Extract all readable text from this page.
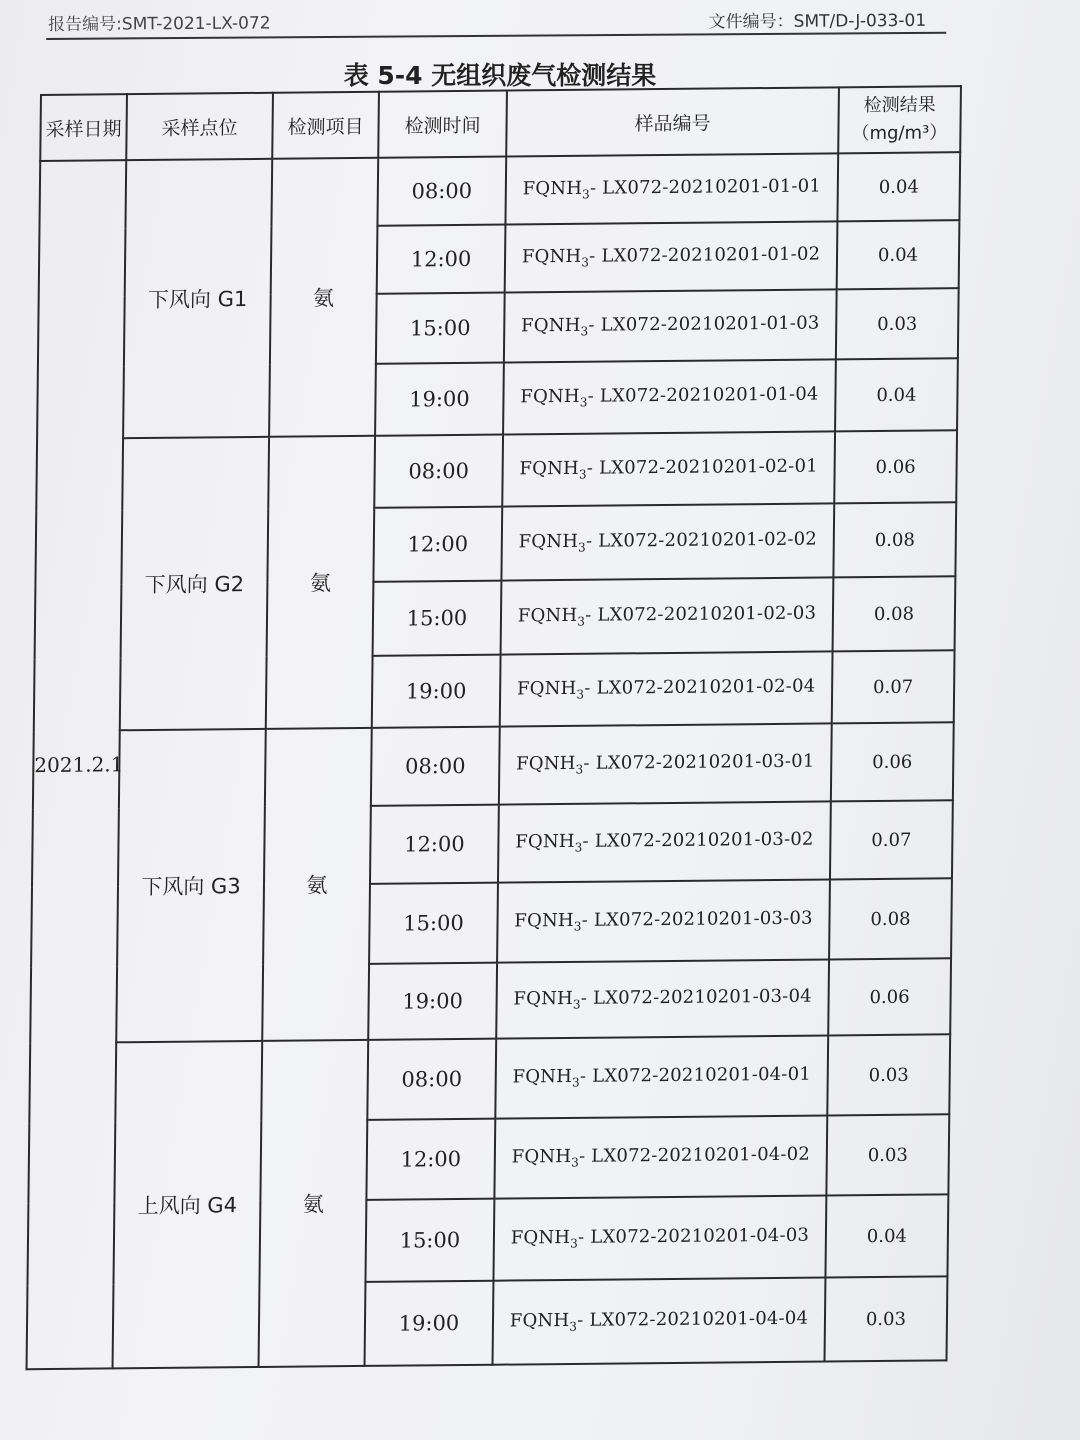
报告编号:SMT-2021-LX-072	文件编号：SMT/D-J-033-01
表 5-4 无组织废气检测结果
采样日期	采样点位	检测项目	检测时间	样品编号	检测结果
（mg/m³）
2021.2.1	下风向 G1	氨	08:00	$FQNH_3-$ LX072-20210201-01-01	0.04
			12:00	$FQNH_3-$ LX072-20210201-01-02	0.04
			15:00	$FQNH_3-$ LX072-20210201-01-03	0.03
			19:00	$FQNH_3-$ LX072-20210201-01-04	0.04
	下风向 G2	氨	08:00	$FQNH_3-$ LX072-20210201-02-01	0.06
			12:00	$FQNH_3-$ LX072-20210201-02-02	0.08
			15:00	$FQNH_3-$ LX072-20210201-02-03	0.08
			19:00	$FQNH_3-$ LX072-20210201-02-04	0.07
	下风向 G3	氨	08:00	$FQNH_3-$ LX072-20210201-03-01	0.06
			12:00	$FQNH_3-$ LX072-20210201-03-02	0.07
			15:00	$FQNH_3-$ LX072-20210201-03-03	0.08
			19:00	$FQNH_3-$ LX072-20210201-03-04	0.06
	上风向 G4	氨	08:00	$FQNH_3-$ LX072-20210201-04-01	0.03
			12:00	$FQNH_3-$ LX072-20210201-04-02	0.03
			15:00	$FQNH_3-$ LX072-20210201-04-03	0.04
			19:00	$FQNH_3-$ LX072-20210201-04-04	0.03
